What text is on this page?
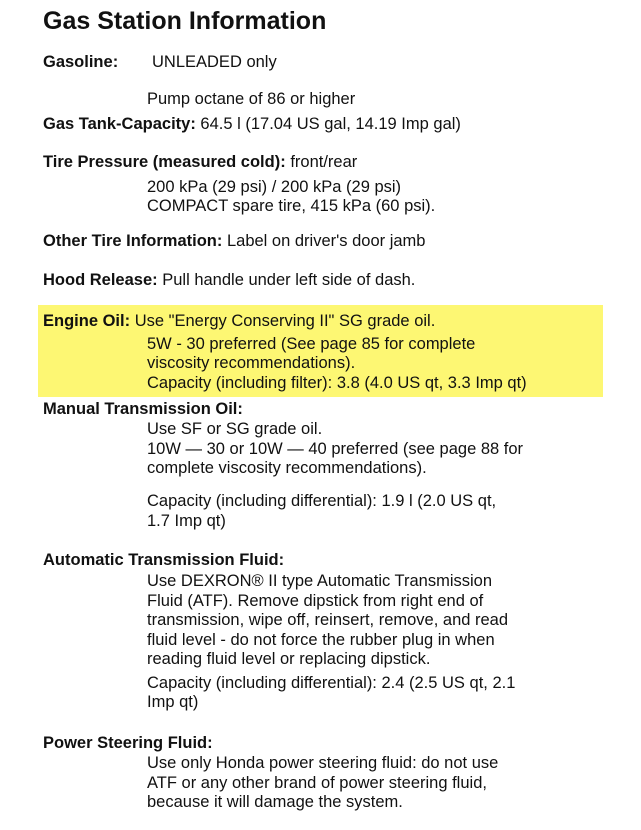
Gas Station Information
Gasoline: UNLEADED only
Pump octane of 86 or higher
Gas Tank-Capacity: 64.5 l (17.04 US gal, 14.19 Imp gal)
Tire Pressure (measured cold): front/rear
200 kPa (29 psi) / 200 kPa (29 psi)
COMPACT spare tire, 415 kPa (60 psi).
Other Tire Information: Label on driver's door jamb
Hood Release: Pull handle under left side of dash.
Engine Oil: Use "Energy Conserving II" SG grade oil.
5W - 30 preferred (See page 85 for complete
viscosity recommendations).
Capacity (including filter): 3.8 (4.0 US qt, 3.3 Imp qt)
Manual Transmission Oil:
Use SF or SG grade oil.
10W — 30 or 10W — 40 preferred (see page 88 for
complete viscosity recommendations).
Capacity (including differential): 1.9 l (2.0 US qt,
1.7 Imp qt)
Automatic Transmission Fluid:
Use DEXRON® II type Automatic Transmission
Fluid (ATF). Remove dipstick from right end of
transmission, wipe off, reinsert, remove, and read
fluid level - do not force the rubber plug in when
reading fluid level or replacing dipstick.
Capacity (including differential): 2.4 (2.5 US qt, 2.1
Imp qt)
Power Steering Fluid:
Use only Honda power steering fluid: do not use
ATF or any other brand of power steering fluid,
because it will damage the system.
